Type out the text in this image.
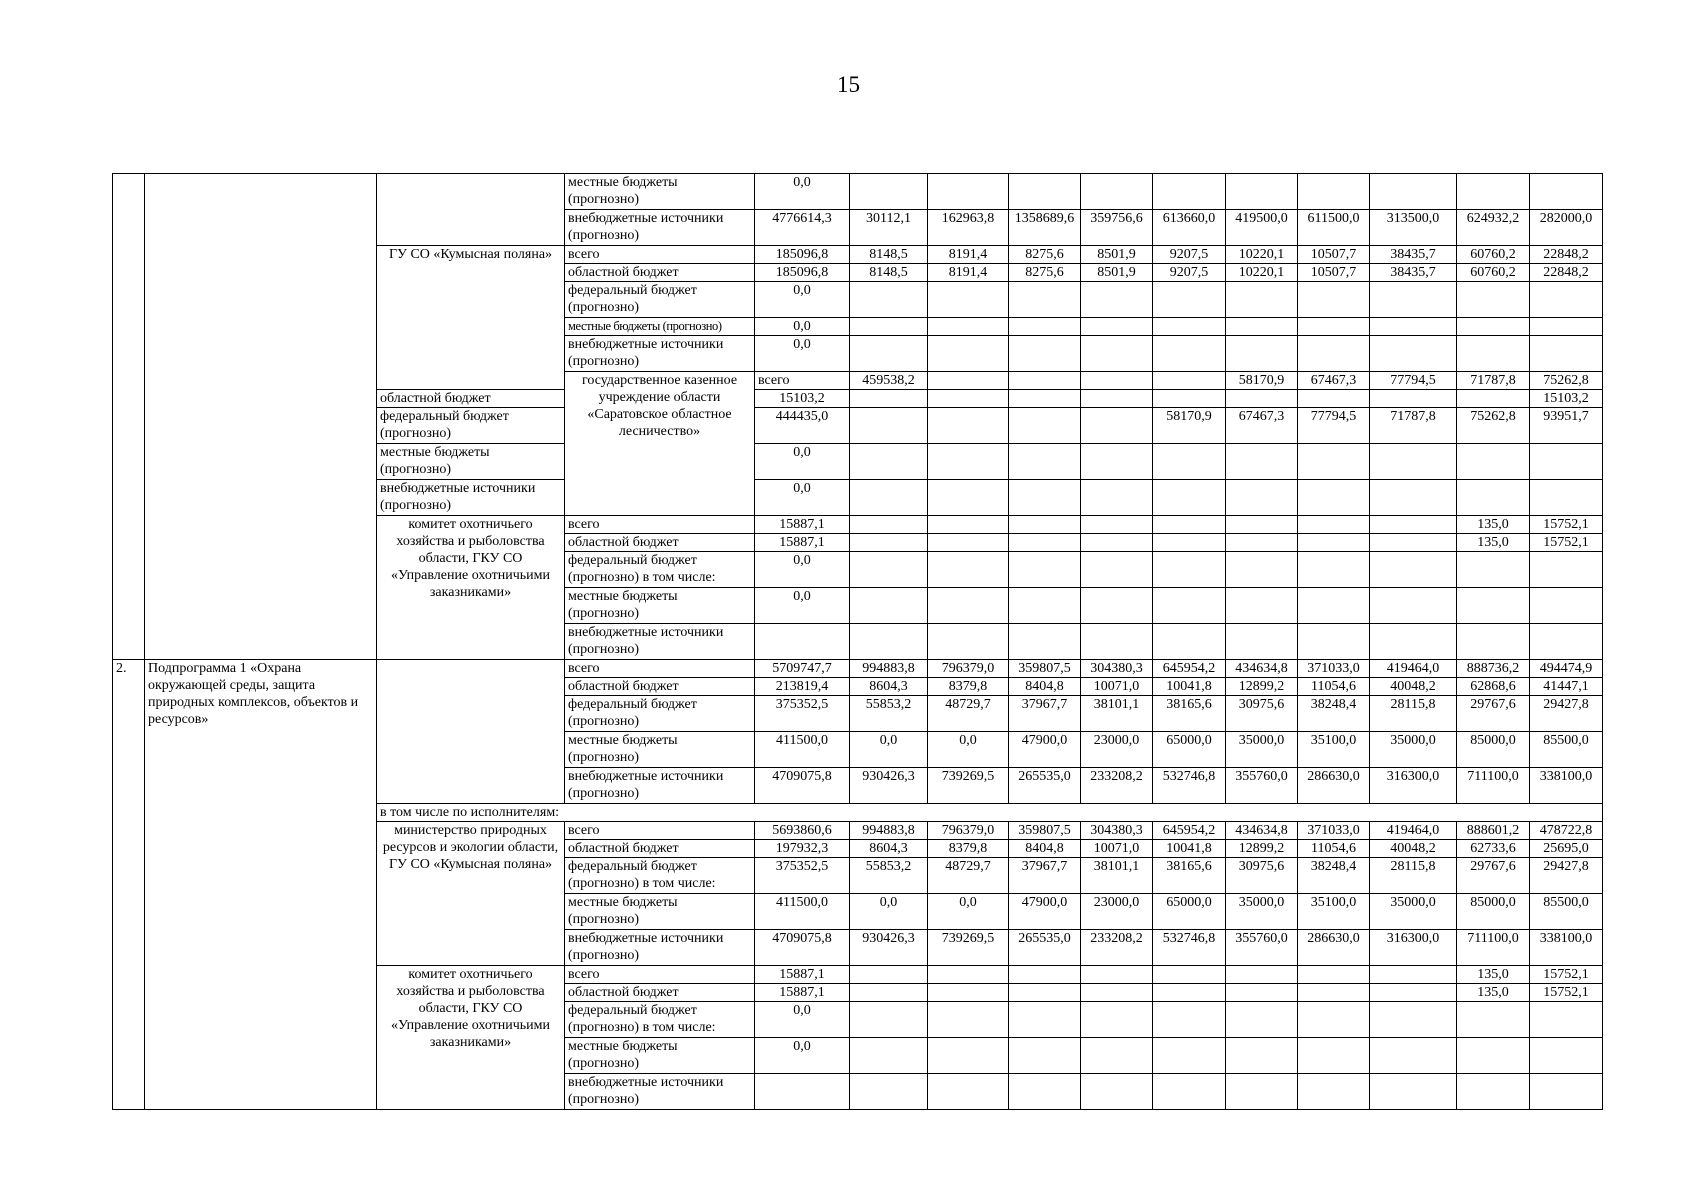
15
			местные бюджеты (прогнозно)	0,0											
			внебюджетные источники (прогнозно)	4776614,3	30112,1	162963,8	1358689,6	359756,6	613660,0	419500,0	611500,0	313500,0	624932,2	282000,0	
		ГУ СО «Кумысная поляна»	всего	185096,8	8148,5	8191,4	8275,6	8501,9	9207,5	10220,1	10507,7	38435,7	60760,2	22848,2	
			областной бюджет	185096,8	8148,5	8191,4	8275,6	8501,9	9207,5	10220,1	10507,7	38435,7	60760,2	22848,2	
			федеральный бюджет (прогнозно)	0,0											
			местные бюджеты (прогнозно)	0,0											
			внебюджетные источники (прогнозно)	0,0											
			государственное казенное учреждение области «Саратовское областное лесничество»	всего	459538,2					58170,9	67467,3	77794,5	71787,8	75262,8	
		областной бюджет		15103,2										15103,2	
		федеральный бюджет (прогнозно)		444435,0					58170,9	67467,3	77794,5	71787,8	75262,8	93951,7	
		местные бюджеты (прогнозно)		0,0											
		внебюджетные источники (прогнозно)		0,0											
		комитет охотничьего хозяйства и рыболовства области, ГКУ СО «Управление охотничьими заказниками»	всего	15887,1									135,0	15752,1	
			областной бюджет	15887,1									135,0	15752,1	
			федеральный бюджет (прогнозно) в том числе:	0,0											
			местные бюджеты (прогнозно)	0,0											
			внебюджетные источники (прогнозно)												
2.	Подпрограмма 1 «Охрана окружающей среды, защита природных комплексов, объектов и ресурсов»		всего	5709747,7	994883,8	796379,0	359807,5	304380,3	645954,2	434634,8	371033,0	419464,0	888736,2	494474,9	
			областной бюджет	213819,4	8604,3	8379,8	8404,8	10071,0	10041,8	12899,2	11054,6	40048,2	62868,6	41447,1	
			федеральный бюджет (прогнозно)	375352,5	55853,2	48729,7	37967,7	38101,1	38165,6	30975,6	38248,4	28115,8	29767,6	29427,8	
			местные бюджеты (прогнозно)	411500,0	0,0	0,0	47900,0	23000,0	65000,0	35000,0	35100,0	35000,0	85000,0	85500,0	
			внебюджетные источники (прогнозно)	4709075,8	930426,3	739269,5	265535,0	233208,2	532746,8	355760,0	286630,0	316300,0	711100,0	338100,0	
		в том числе по исполнителям:													
		министерство природных ресурсов и экологии области, ГУ СО «Кумысная поляна»	всего	5693860,6	994883,8	796379,0	359807,5	304380,3	645954,2	434634,8	371033,0	419464,0	888601,2	478722,8	
			областной бюджет	197932,3	8604,3	8379,8	8404,8	10071,0	10041,8	12899,2	11054,6	40048,2	62733,6	25695,0	
			федеральный бюджет (прогнозно) в том числе:	375352,5	55853,2	48729,7	37967,7	38101,1	38165,6	30975,6	38248,4	28115,8	29767,6	29427,8	
			местные бюджеты (прогнозно)	411500,0	0,0	0,0	47900,0	23000,0	65000,0	35000,0	35100,0	35000,0	85000,0	85500,0	
			внебюджетные источники (прогнозно)	4709075,8	930426,3	739269,5	265535,0	233208,2	532746,8	355760,0	286630,0	316300,0	711100,0	338100,0	
		комитет охотничьего хозяйства и рыболовства области, ГКУ СО «Управление охотничьими заказниками»	всего	15887,1									135,0	15752,1	
			областной бюджет	15887,1									135,0	15752,1	
			федеральный бюджет (прогнозно) в том числе:	0,0											
			местные бюджеты (прогнозно)	0,0											
			внебюджетные источники (прогнозно)												
